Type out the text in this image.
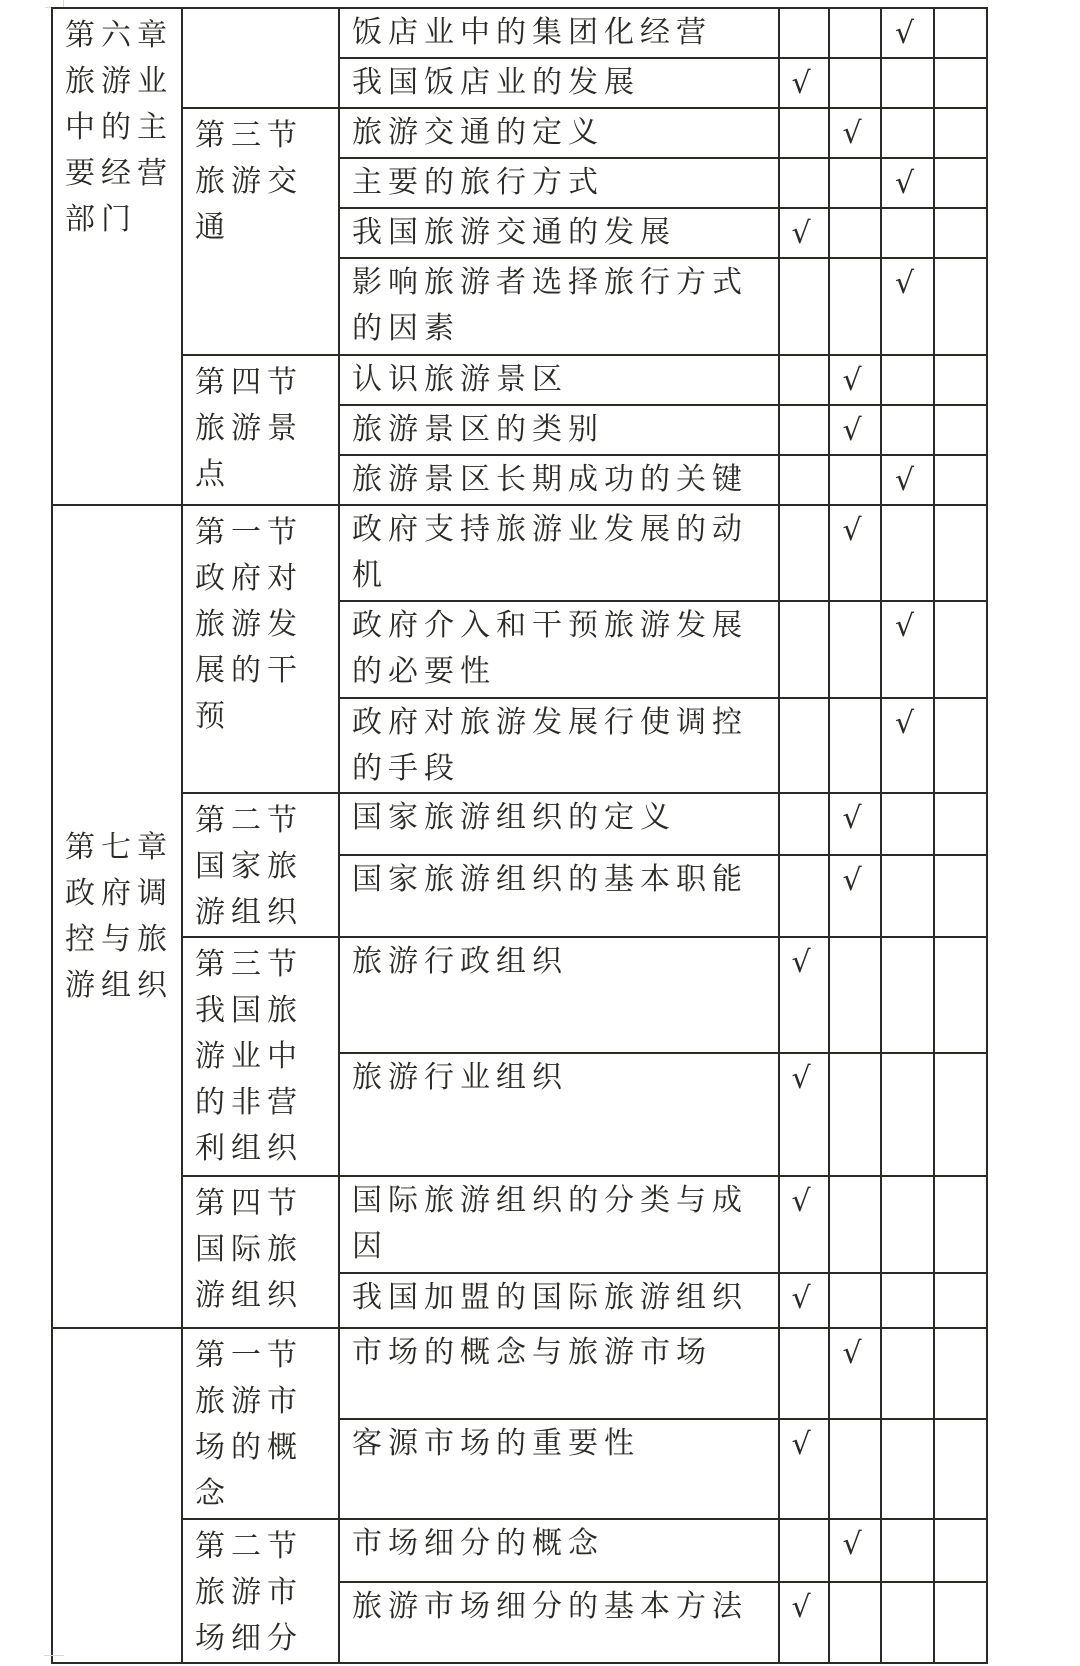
第六章旅游业中的主要经营部门		饭店业中的集团化经营			√	

		我国饭店业的发展	√			

	第三节旅游交通	旅游交通的定义		√		

		主要的旅行方式			√	

		我国旅游交通的发展	√			

		影响旅游者选择旅行方式的因素			√	

	第四节旅游景点	认识旅游景区		√		

		旅游景区的类别		√		

		旅游景区长期成功的关键			√	

第七章政府调控与旅游组织	第一节政府对旅游发展的干预	政府支持旅游业发展的动机		√		

		政府介入和干预旅游发展的必要性			√	

		政府对旅游发展行使调控的手段			√	

	第二节国家旅游组织	国家旅游组织的定义		√		

		国家旅游组织的基本职能		√		

	第三节我国旅游业中的非营利组织	旅游行政组织	√			

		旅游行业组织	√			

	第四节国际旅游组织	国际旅游组织的分类与成因	√			

		我国加盟的国际旅游组织	√			

	第一节旅游市场的概念	市场的概念与旅游市场		√		

		客源市场的重要性	√			

	第二节旅游市场细分	市场细分的概念		√		

		旅游市场细分的基本方法	√			
